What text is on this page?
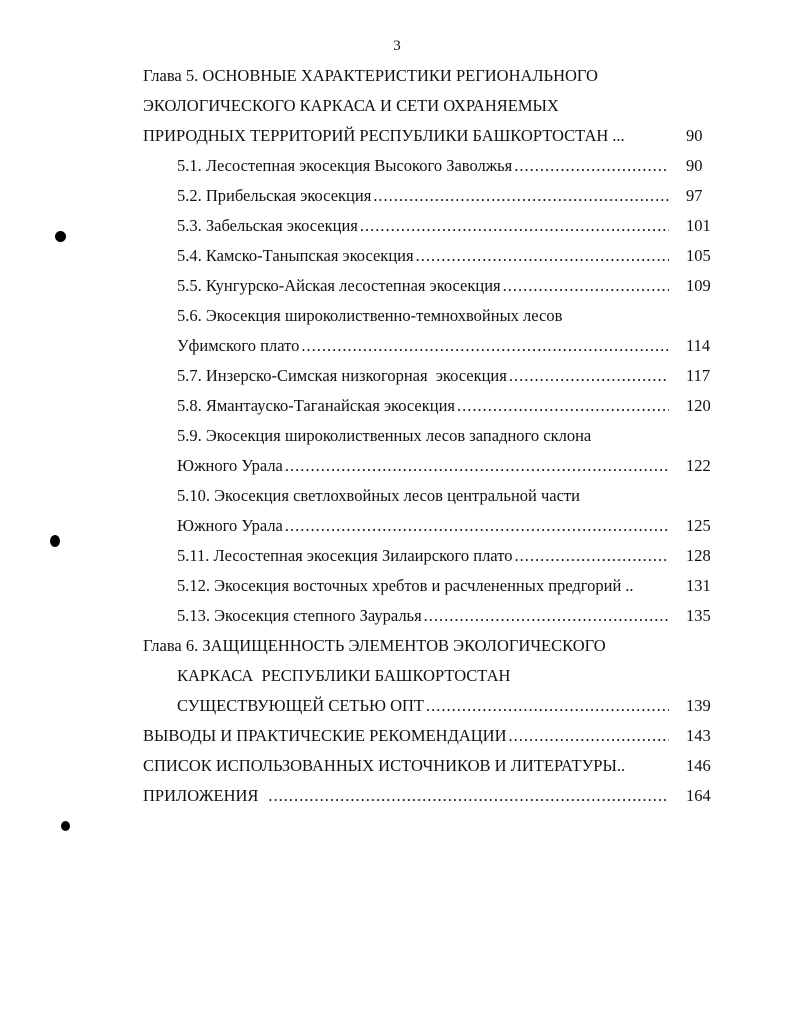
3
Глава 5. ОСНОВНЫЕ ХАРАКТЕРИСТИКИ РЕГИОНАЛЬНОГО
ЭКОЛОГИЧЕСКОГО КАРКАСА И СЕТИ ОХРАНЯЕМЫХ
ПРИРОДНЫХ ТЕРРИТОРИЙ РЕСПУБЛИКИ БАШКОРТОСТАН ...	90
5.1. Лесостепная экосекция Высокого Заволжья .....	90
5.2. Прибельская экосекция .....	97
5.3. Забельская экосекция .....	101
5.4. Камско-Таныпская экосекция .....	105
5.5. Кунгурско-Айская лесостепная экосекция .....	109
5.6. Экосекция широколиственно-темнохвойных лесов
Уфимского плато .....	114
5.7. Инзерско-Симская низкогорная  экосекция .....	117
5.8. Ямантауско-Таганайская экосекция .....	120
5.9. Экосекция широколиственных лесов западного склона
Южного Урала .....	122
5.10. Экосекция светлохвойных лесов центральной части
Южного Урала .....	125
5.11. Лесостепная экосекция Зилаирского плато .....	128
5.12. Экосекция восточных хребтов и расчлененных предгорий ..	131
5.13. Экосекция степного Зауралья .....	135
Глава 6. ЗАЩИЩЕННОСТЬ ЭЛЕМЕНТОВ ЭКОЛОГИЧЕСКОГО
КАРКАСА  РЕСПУБЛИКИ БАШКОРТОСТАН
СУЩЕСТВУЮЩЕЙ СЕТЬЮ ОПТ .....	139
ВЫВОДЫ И ПРАКТИЧЕСКИЕ РЕКОМЕНДАЦИИ .....	143
СПИСОК ИСПОЛЬЗОВАННЫХ ИСТОЧНИКОВ И ЛИТЕРАТУРЫ..	146
ПРИЛОЖЕНИЯ .....	164
